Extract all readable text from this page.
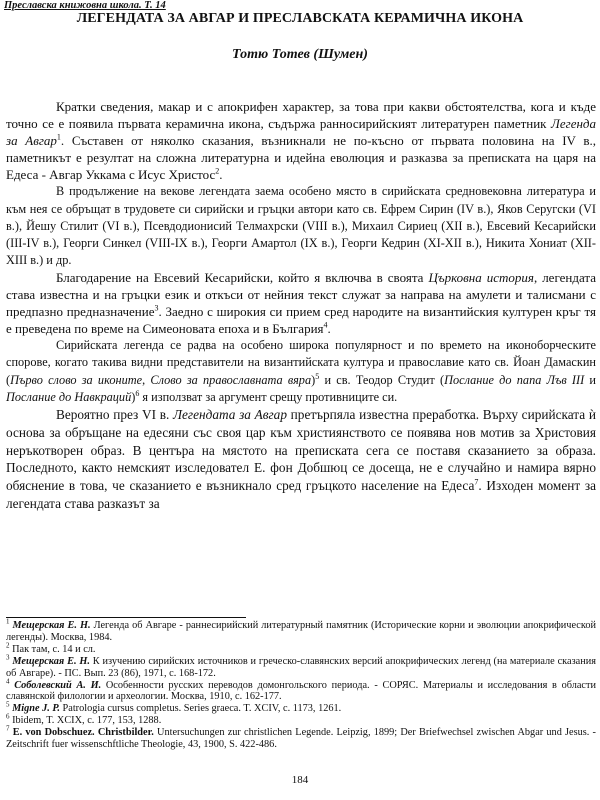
Преславска книжовна школа. Т. 14
ЛЕГЕНДАТА ЗА АВГАР И ПРЕСЛАВСКАТА КЕРАМИЧНА ИКОНА
Тотю Тотев (Шумен)

Кратки сведения, макар и с апокрифен характер, за това при какви обстоятелства, кога и къде точно се е появила първата керамична икона, съдържа ранносирийският литературен паметник Легенда за Авгар$^1$. Съставен от няколко сказания, възникнали не по-късно от първата половина на IV в., паметникът е резултат на сложна литературна и идейна еволюция и разказва за преписката на царя на Едеса - Авгар Уккама с Исус Христос$^2$.

В продължение на векове легендата заема особено място в сирийската средновековна литература и към нея се обръщат в трудовете си сирийски и гръцки автори като св. Ефрем Сирин (IV в.), Яков Серугски (VI в.), Йешу Стилит (VI в.), Псевдодионисий Телмахрски (VIII в.), Михаил Сириец (XII в.), Евсевий Кесарийски (III-IV в.), Георги Синкел (VIII-IX в.), Георги Амартол (IX в.), Георги Кедрин (XI-XII в.), Никита Хониат (XII-XIII в.) и др.

Благодарение на Евсевий Кесарийски, който я включва в своята Църковна история, легендата става известна и на гръцки език и откъси от нейния текст служат за направа на амулети и талисмани с предпазно предназначение$^3$. Заедно с широкия си прием сред народите на византийския културен кръг тя е преведена по време на Симеоновата епоха и в България$^4$.

Сирийската легенда се радва на особено широка популярност и по времето на иконоборческите спорове, когато такива видни представители на византийската култура и православие като св. Йоан Дамаскин (Първо слово за иконите, Слово за православната вяра)$^5$ и св. Теодор Студит (Послание до папа Лъв III и Послание до Навкраций)$^6$ я използват за аргумент срещу противниците си.

Вероятно през VI в. Легендата за Авгар претърпяла известна преработка. Върху сирийската ѝ основа за обръщане на едесяни със своя цар към християнството се появява нов мотив за Христовия неръкотворен образ. В центъра на мястото на преписката сега се поставя сказанието за образа. Последното, както немският изследовател Е. фон Добшюц се досеща, не е случайно и намира вярно обяснение в това, че сказанието е възникнало сред гръцкото население на Едеса$^7$. Изходен момент за легендата става разказът за

$^1$ Мещерская Е. Н. Легенда об Авгаре - раннесирийский литературный памятник (Исторические корни и эволюции апокрифической легенды). Москва, 1984.

$^2$ Пак там, с. 14 и сл.

$^3$ Мещерская Е. Н. К изучению сирийских источников и греческо-славянских версий апокрифических легенд (на материале сказания об Авгаре). - ПС. Вып. 23 (86), 1971, с. 168-172.

$^4$ Соболевский А. И. Особенности русских переводов домонгольского периода. - СОРЯС. Материалы и исследования в области славянской филологии и археологии. Москва, 1910, с. 162-177.

$^5$ Migne J. P. Patrologia cursus completus. Series graeca. T. XCIV, c. 1173, 1261.

$^6$ Ibidem, T. XCIX, c. 177, 153, 1288.

$^7$ E. von Dobschuez. Christbilder. Untersuchungen zur christlichen Legende. Leipzig, 1899; Der Briefwechsel zwischen Abgar und Jesus. - Zeitschrift fuer wissenschftliche Theologie, 43, 1900, S. 422-486.

184
